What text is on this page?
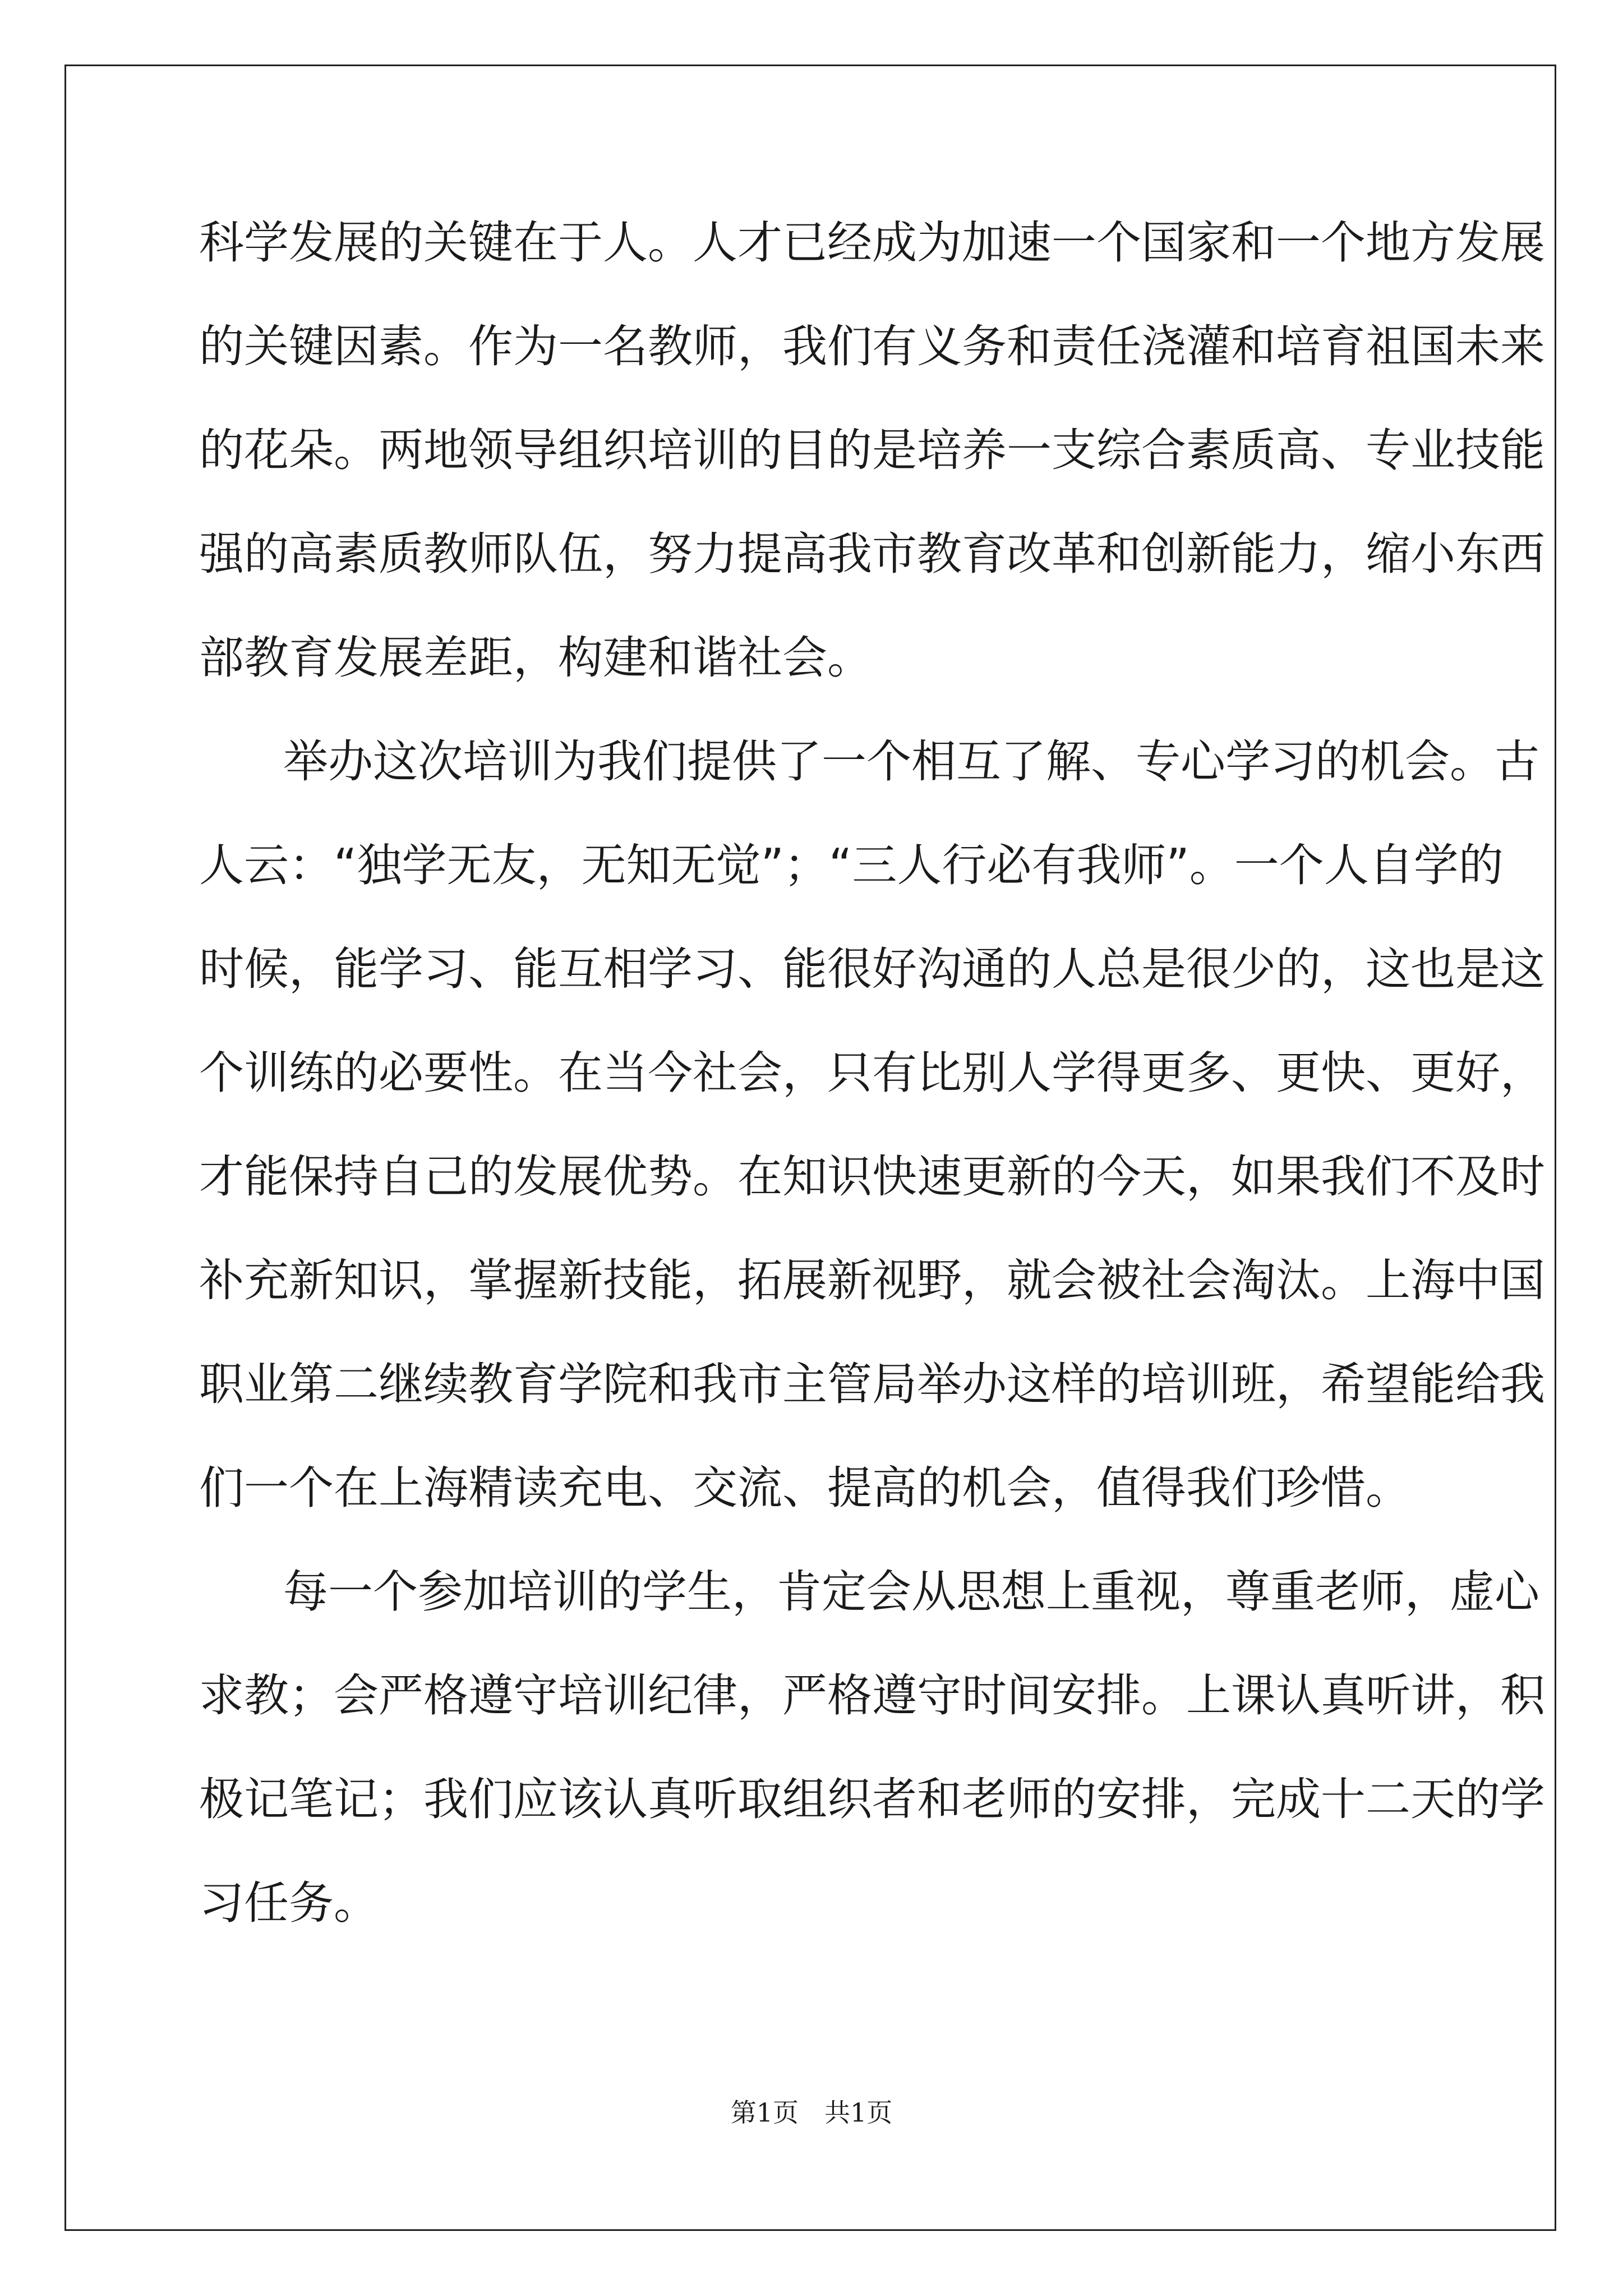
科学发展的关键在于人。人才已经成为加速一个国家和一个地方发展
的关键因素。作为一名教师，我们有义务和责任浇灌和培育祖国未来
的花朵。两地领导组织培训的目的是培养一支综合素质高、专业技能
强的高素质教师队伍，努力提高我市教育改革和创新能力，缩小东西
部教育发展差距，构建和谐社会。
举办这次培训为我们提供了一个相互了解、专心学习的机会。古
人云：“独学无友，无知无觉”；“三人行必有我师”。一个人自学的
时候，能学习、能互相学习、能很好沟通的人总是很少的，这也是这
个训练的必要性。在当今社会，只有比别人学得更多、更快、更好，
才能保持自己的发展优势。在知识快速更新的今天，如果我们不及时
补充新知识，掌握新技能，拓展新视野，就会被社会淘汰。上海中国
职业第二继续教育学院和我市主管局举办这样的培训班，希望能给我
们一个在上海精读充电、交流、提高的机会，值得我们珍惜。
每一个参加培训的学生，肯定会从思想上重视，尊重老师，虚心
求教；会严格遵守培训纪律，严格遵守时间安排。上课认真听讲，积
极记笔记；我们应该认真听取组织者和老师的安排，完成十二天的学
习任务。
第1页　共1页
